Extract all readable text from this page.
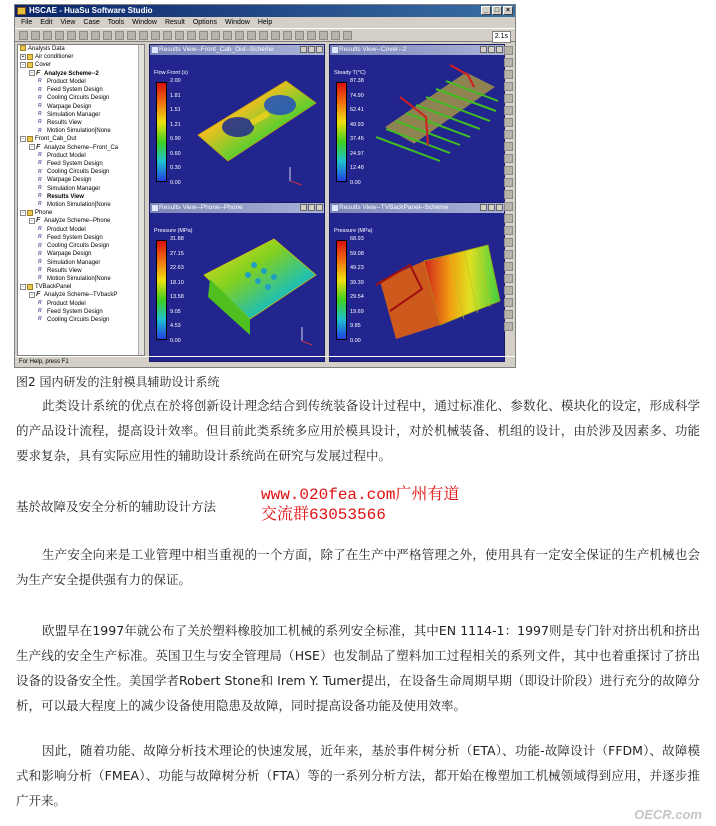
HSCAE - HuaSu Software Studio	_ □ ×
File Edit View Case Tools Window Result Options Window Help
2.1s
Analysis Data
+ Air conditioner
- Cover
- F Analyze Scheme--2
R Product Model
R Feed System Design
R Cooling Circuits Design
R Warpage Design
R Simulation Manager
R Results View
R Motion Simulation[None
- Front_Cab_Out
- F Analyze Scheme--Front_Ca
R Product Model
R Feed System Design
R Cooling Circuits Design
R Warpage Design
R Simulation Manager
R Results View
R Motion Simulation[None
- Phone
- F Analyze Scheme--Phone
R Product Model
R Feed System Design
R Cooling Circuits Design
R Warpage Design
R Simulation Manager
R Results View
R Motion Simulation[None
- TVBackPanel
- F Analyze Scheme--TVbackP
R Product Model
R Feed System Design
R Cooling Circuits Design
Results View--Front_Cab_Out--Scheme
Flow Front (s)
2.00
1.81
1.51
1.21
0.90
0.60
0.30
0.00
Results View--Cover--2
Steady T(°C)
87.38
74.90
62.41
49.93
37.45
24.97
12.48
0.00
Results View--Phone--Phone
Pressure (MPa)
31.88
27.15
22.63
18.10
13.58
9.05
4.53
0.00
Results View--TVBackPanel--Scheme
Pressure (MPa)
68.93
59.08
49.23
39.39
29.54
19.69
9.85
0.00
For Help, press F1
图2 国内研发的注射模具辅助设计系统
此类设计系统的优点在於将创新设计理念结合到传统装备设计过程中，通过标准化、参数化、模块化的设定，形成科学的产品设计流程，提高设计效率。但目前此类系统多应用於模具设计，对於机械装备、机组的设计，由於涉及因素多、功能要求复杂，具有实际应用性的辅助设计系统尚在研究与发展过程中。
基於故障及安全分析的辅助设计方法
www.020fea.com广州有道
交流群63053566
生产安全向来是工业管理中相当重视的一个方面，除了在生产中严格管理之外，使用具有一定安全保证的生产机械也会为生产安全提供强有力的保证。
欧盟早在1997年就公布了关於塑料橡胶加工机械的系列安全标准，其中EN 1114-1：1997则是专门针对挤出机和挤出生产线的安全生产标准。英国卫生与安全管理局（HSE）也发制品了塑料加工过程相关的系列文件，其中也着重探讨了挤出设备的设备安全性。美国学者Robert Stone和 Irem Y. Tumer提出，在设备生命周期早期（即设计阶段）进行充分的故障分析，可以最大程度上的减少设备使用隐患及故障，同时提高设备功能及使用效率。
因此，随着功能、故障分析技术理论的快速发展，近年来，基於事件树分析（ETA）、功能-故障设计（FFDM）、故障模式和影响分析（FMEA）、功能与故障树分析（FTA）等的一系列分析方法，都开始在橡塑加工机械领域得到应用，并逐步推广开来。
OECR.com
